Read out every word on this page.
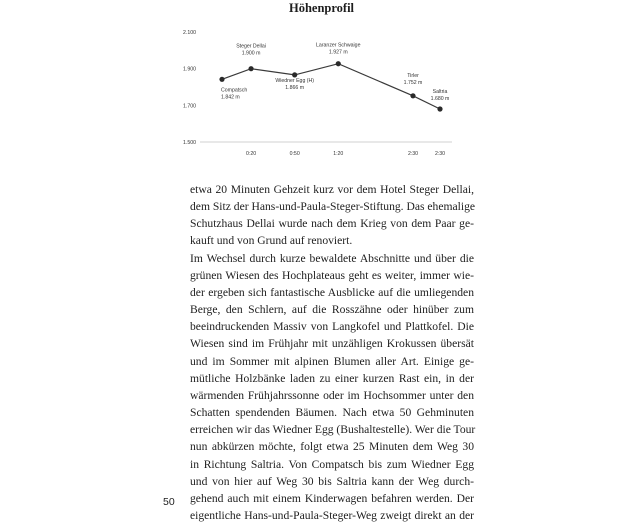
Höhenprofil
1.500
1.700
1.900
2.100
0:20	0:50	1:20	2:30	2:30
Compatsch
1.842 m
Steger Dellai
1.900 m
Wiedner Egg (H)
1.866 m
Laranzer Schwaige
1.927 m
Tirler
1.752 m
Saltria
1.680 m
etwa 20 Minuten Gehzeit kurz vor dem Hotel Steger Dellai,
dem Sitz der Hans-und-Paula-Steger-Stiftung. Das ehemalige
Schutzhaus Dellai wurde nach dem Krieg von dem Paar ge-
kauft und von Grund auf renoviert.
Im Wechsel durch kurze bewaldete Abschnitte und über die
grünen Wiesen des Hochplateaus geht es weiter, immer wie-
der ergeben sich fantastische Ausblicke auf die umliegenden
Berge, den Schlern, auf die Rosszähne oder hinüber zum
beeindruckenden Massiv von Langkofel und Plattkofel. Die
Wiesen sind im Frühjahr mit unzähligen Krokussen übersät
und im Sommer mit alpinen Blumen aller Art. Einige ge-
mütliche Holzbänke laden zu einer kurzen Rast ein, in der
wärmenden Frühjahrssonne oder im Hochsommer unter den
Schatten spendenden Bäumen. Nach etwa 50 Gehminuten
erreichen wir das Wiedner Egg (Bushaltestelle). Wer die Tour
nun abkürzen möchte, folgt etwa 25 Minuten dem Weg 30
in Richtung Saltria. Von Compatsch bis zum Wiedner Egg
und von hier auf Weg 30 bis Saltria kann der Weg durch-
gehend auch mit einem Kinderwagen befahren werden. Der
eigentliche Hans-und-Paula-Steger-Weg zweigt direkt an der
50
